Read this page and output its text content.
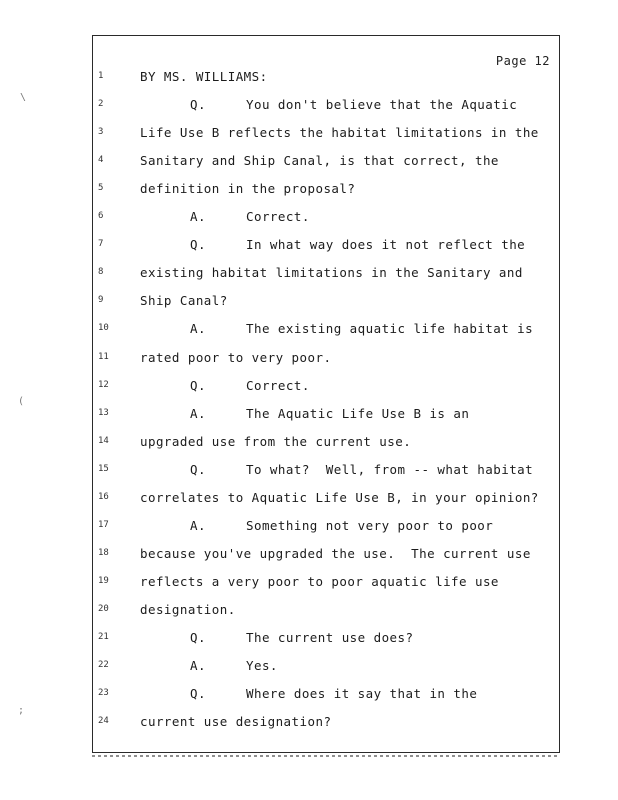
Page 12
1	BY MS. WILLIAMS:
2	Q.	You don't believe that the Aquatic
3	Life Use B reflects the habitat limitations in the
4	Sanitary and Ship Canal, is that correct, the
5	definition in the proposal?
6	A.	Correct.
7	Q.	In what way does it not reflect the
8	existing habitat limitations in the Sanitary and
9	Ship Canal?
10	A.	The existing aquatic life habitat is
11	rated poor to very poor.
12	Q.	Correct.
13	A.	The Aquatic Life Use B is an
14	upgraded use from the current use.
15	Q.	To what?  Well, from -- what habitat
16	correlates to Aquatic Life Use B, in your opinion?
17	A.	Something not very poor to poor
18	because you've upgraded the use.  The current use
19	reflects a very poor to poor aquatic life use
20	designation.
21	Q.	The current use does?
22	A.	Yes.
23	Q.	Where does it say that in the
24	current use designation?
\
(
;
